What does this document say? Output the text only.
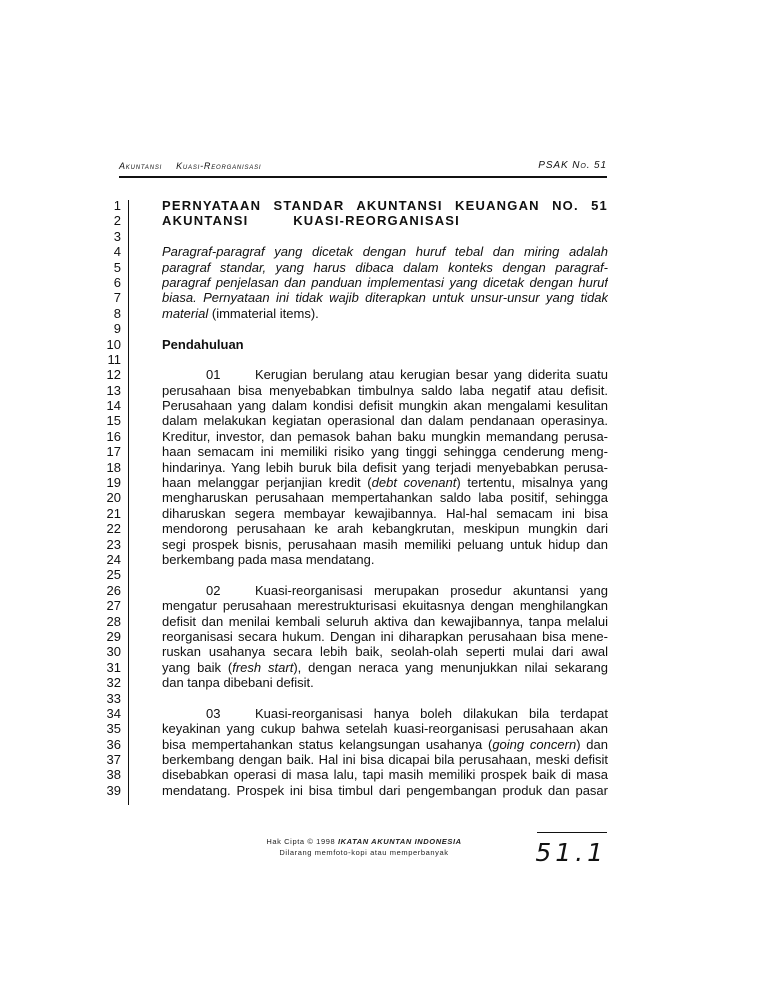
Akuntansi Kuasi-Reorganisasi	PSAK No. 51
1
2
3
4
5
6
7
8
9
10
11
12
13
14
15
16
17
18
19
20
21
22
23
24
25
26
27
28
29
30
31
32
33
34
35
36
37
38
39
PERNYATAAN STANDAR AKUNTANSI KEUANGAN NO. 51
AKUNTANSI KUASI-REORGANISASI
Paragraf-paragraf yang dicetak dengan huruf tebal dan miring adalah
paragraf standar, yang harus dibaca dalam konteks dengan paragraf-
paragraf penjelasan dan panduan implementasi yang dicetak dengan huruf
biasa. Pernyataan ini tidak wajib diterapkan untuk unsur-unsur yang tidak
material (immaterial items).
Pendahuluan
01	Kerugian berulang atau kerugian besar yang diderita suatu
perusahaan bisa menyebabkan timbulnya saldo laba negatif atau defisit.
Perusahaan yang dalam kondisi defisit mungkin akan mengalami kesulitan
dalam melakukan kegiatan operasional dan dalam pendanaan operasinya.
Kreditur, investor, dan pemasok bahan baku mungkin memandang perusa-
haan semacam ini memiliki risiko yang tinggi sehingga cenderung meng-
hindarinya. Yang lebih buruk bila defisit yang terjadi menyebabkan perusa-
haan melanggar perjanjian kredit (debt covenant) tertentu, misalnya yang
mengharuskan perusahaan mempertahankan saldo laba positif, sehingga
diharuskan segera membayar kewajibannya. Hal-hal semacam ini bisa
mendorong perusahaan ke arah kebangkrutan, meskipun mungkin dari
segi prospek bisnis, perusahaan masih memiliki peluang untuk hidup dan
berkembang pada masa mendatang.
02	Kuasi-reorganisasi merupakan prosedur akuntansi yang
mengatur perusahaan merestrukturisasi ekuitasnya dengan menghilangkan
defisit dan menilai kembali seluruh aktiva dan kewajibannya, tanpa melalui
reorganisasi secara hukum. Dengan ini diharapkan perusahaan bisa mene-
ruskan usahanya secara lebih baik, seolah-olah seperti mulai dari awal
yang baik (fresh start), dengan neraca yang menunjukkan nilai sekarang
dan tanpa dibebani defisit.
03	Kuasi-reorganisasi hanya boleh dilakukan bila terdapat
keyakinan yang cukup bahwa setelah kuasi-reorganisasi perusahaan akan
bisa mempertahankan status kelangsungan usahanya (going concern) dan
berkembang dengan baik. Hal ini bisa dicapai bila perusahaan, meski defisit
disebabkan operasi di masa lalu, tapi masih memiliki prospek baik di masa
mendatang. Prospek ini bisa timbul dari pengembangan produk dan pasar
Hak Cipta © 1998 IKATAN AKUNTAN INDONESIA
Dilarang memfoto-kopi atau memperbanyak	51.1
